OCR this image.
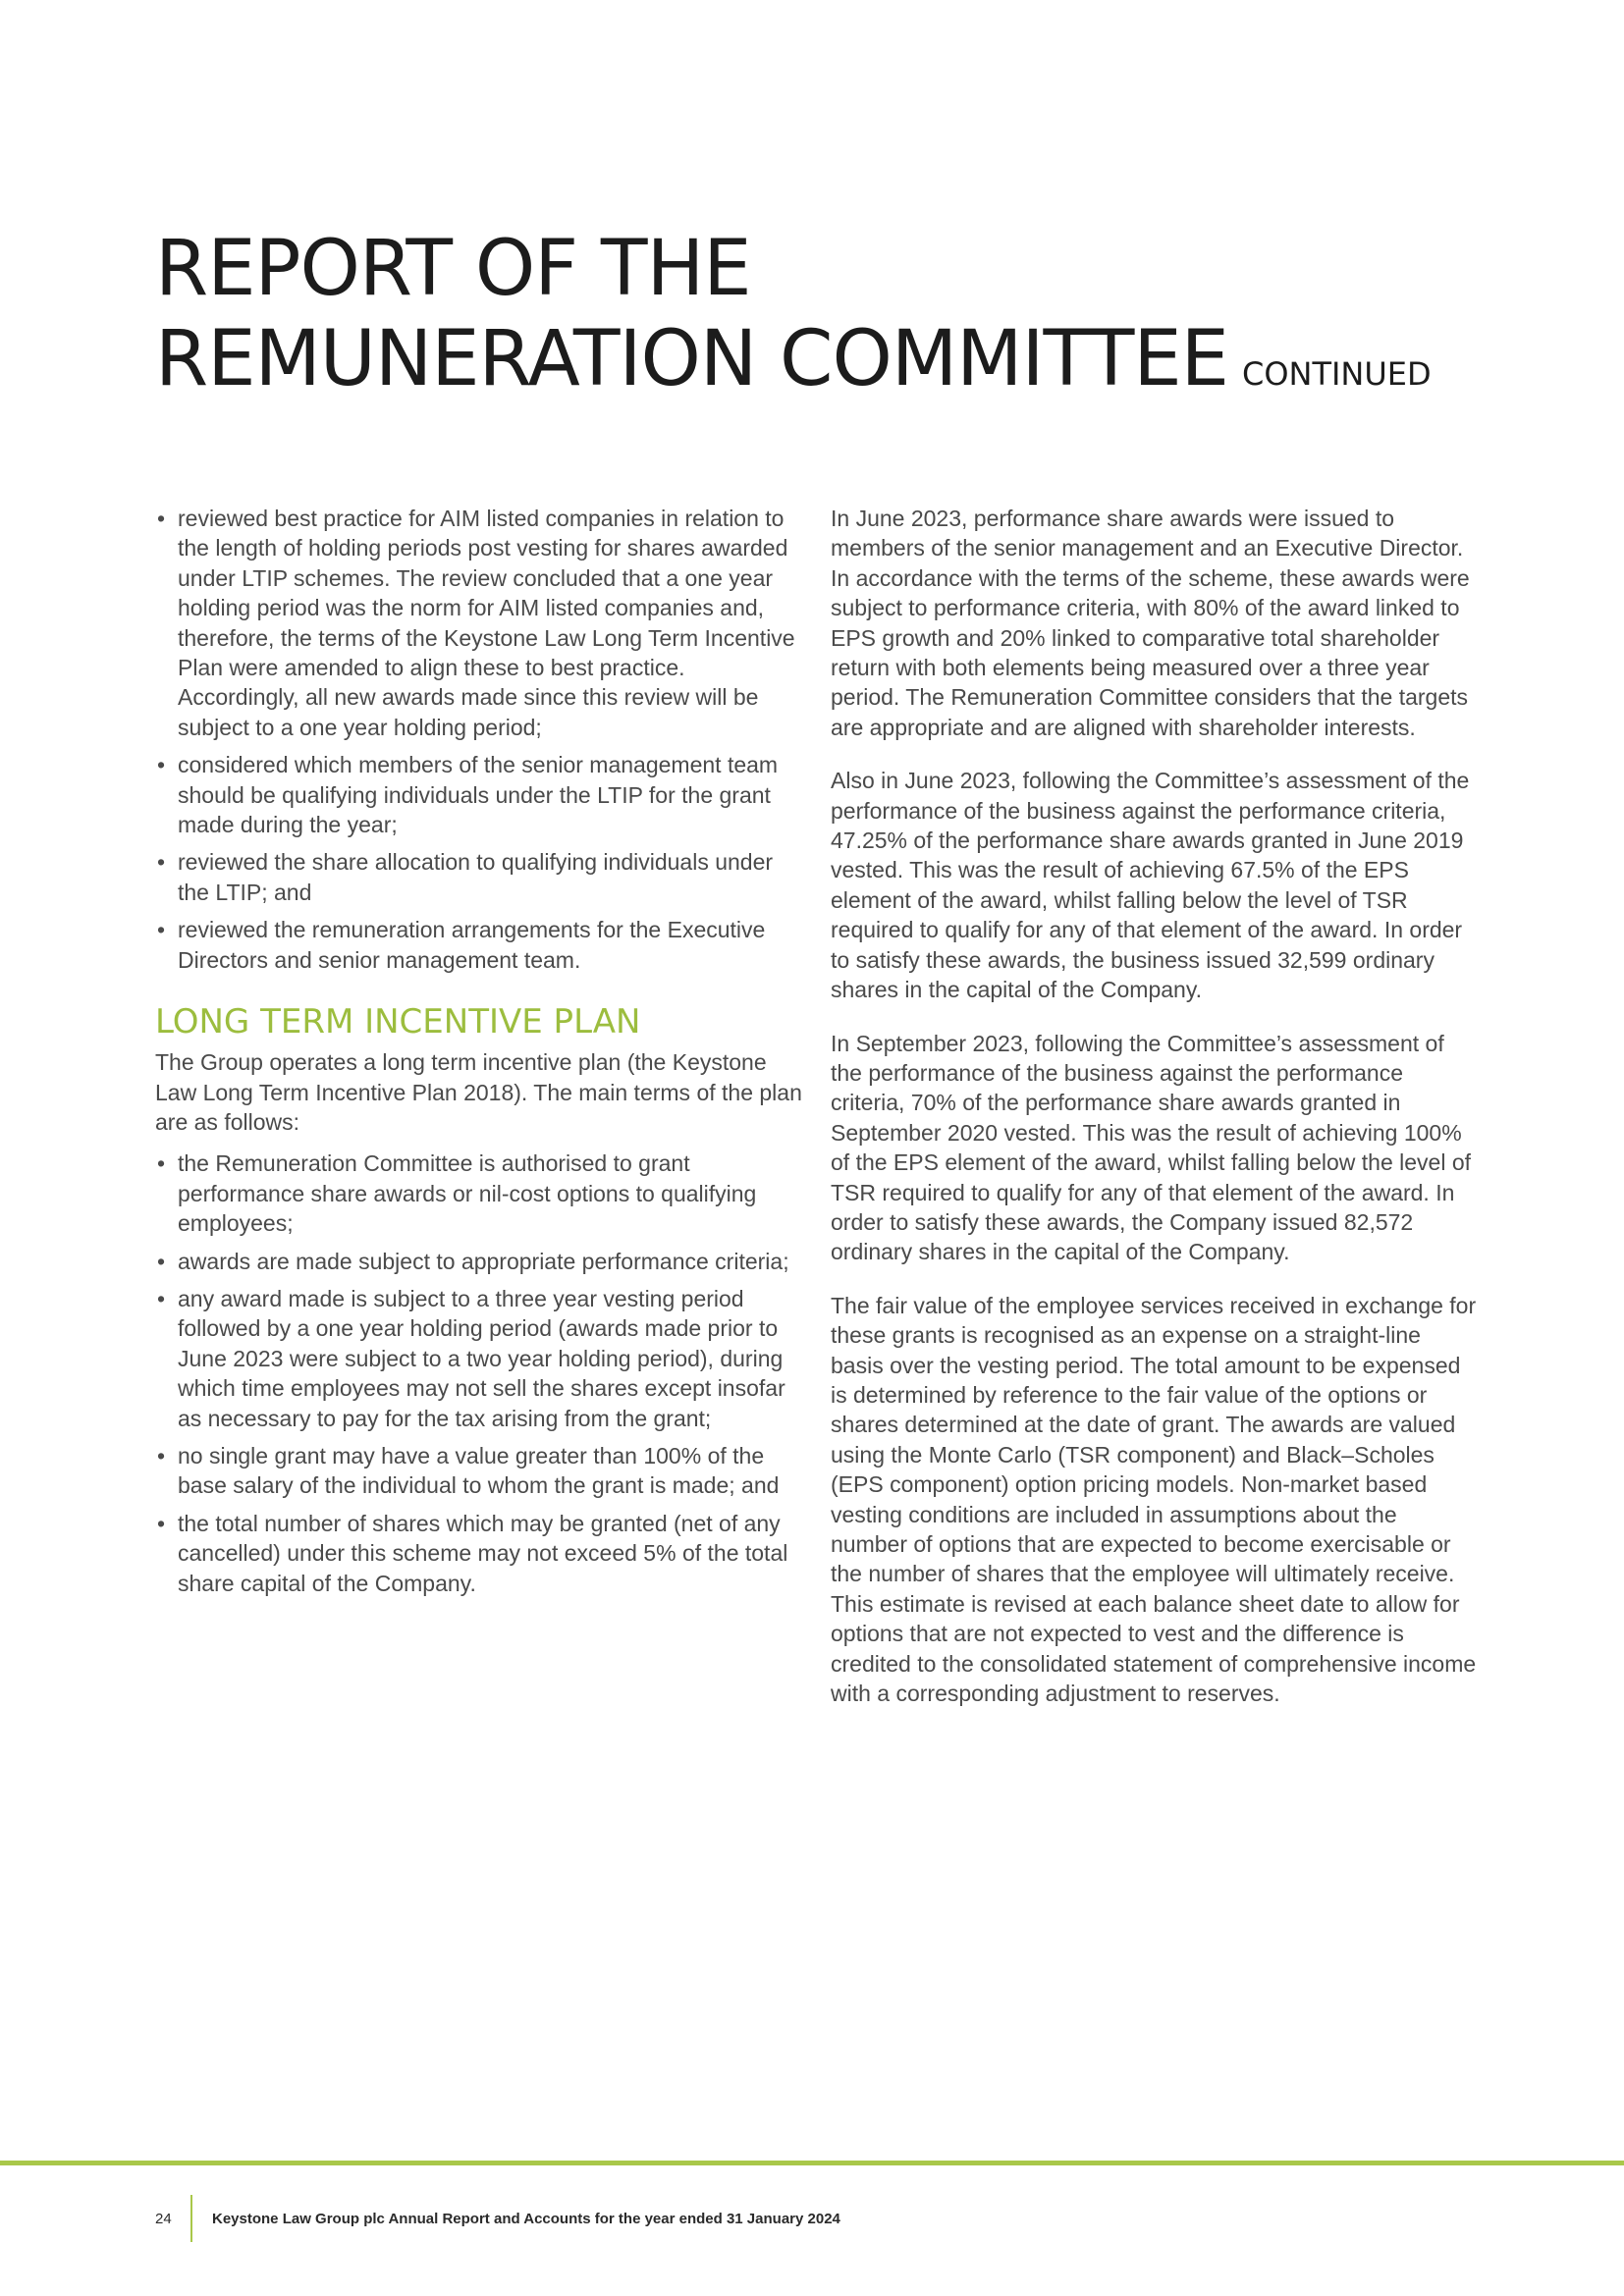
REPORT OF THE
REMUNERATION COMMITTEE CONTINUED
• reviewed best practice for AIM listed companies in relation to the length of holding periods post vesting for shares awarded under LTIP schemes. The review concluded that a one year holding period was the norm for AIM listed companies and, therefore, the terms of the Keystone Law Long Term Incentive Plan were amended to align these to best practice. Accordingly, all new awards made since this review will be subject to a one year holding period;
• considered which members of the senior management team should be qualifying individuals under the LTIP for the grant made during the year;
• reviewed the share allocation to qualifying individuals under the LTIP; and
• reviewed the remuneration arrangements for the Executive Directors and senior management team.
LONG TERM INCENTIVE PLAN

The Group operates a long term incentive plan (the Keystone Law Long Term Incentive Plan 2018). The main terms of the plan are as follows:

• the Remuneration Committee is authorised to grant performance share awards or nil-cost options to qualifying employees;
• awards are made subject to appropriate performance criteria;
• any award made is subject to a three year vesting period followed by a one year holding period (awards made prior to June 2023 were subject to a two year holding period), during which time employees may not sell the shares except insofar as necessary to pay for the tax arising from the grant;
• no single grant may have a value greater than 100% of the base salary of the individual to whom the grant is made; and
• the total number of shares which may be granted (net of any cancelled) under this scheme may not exceed 5% of the total share capital of the Company.

In June 2023, performance share awards were issued to members of the senior management and an Executive Director. In accordance with the terms of the scheme, these awards were subject to performance criteria, with 80% of the award linked to EPS growth and 20% linked to comparative total shareholder return with both elements being measured over a three year period. The Remuneration Committee considers that the targets are appropriate and are aligned with shareholder interests.

Also in June 2023, following the Committee’s assessment of the performance of the business against the performance criteria, 47.25% of the performance share awards granted in June 2019 vested. This was the result of achieving 67.5% of the EPS element of the award, whilst falling below the level of TSR required to qualify for any of that element of the award. In order to satisfy these awards, the business issued 32,599 ordinary shares in the capital of the Company.

In September 2023, following the Committee’s assessment of the performance of the business against the performance criteria, 70% of the performance share awards granted in September 2020 vested. This was the result of achieving 100% of the EPS element of the award, whilst falling below the level of TSR required to qualify for any of that element of the award. In order to satisfy these awards, the Company issued 82,572 ordinary shares in the capital of the Company.

The fair value of the employee services received in exchange for these grants is recognised as an expense on a straight-line basis over the vesting period. The total amount to be expensed is determined by reference to the fair value of the options or shares determined at the date of grant. The awards are valued using the Monte Carlo (TSR component) and Black–Scholes (EPS component) option pricing models. Non-market based vesting conditions are included in assumptions about the number of options that are expected to become exercisable or the number of shares that the employee will ultimately receive. This estimate is revised at each balance sheet date to allow for options that are not expected to vest and the difference is credited to the consolidated statement of comprehensive income with a corresponding adjustment to reserves.

24	Keystone Law Group plc Annual Report and Accounts for the year ended 31 January 2024
